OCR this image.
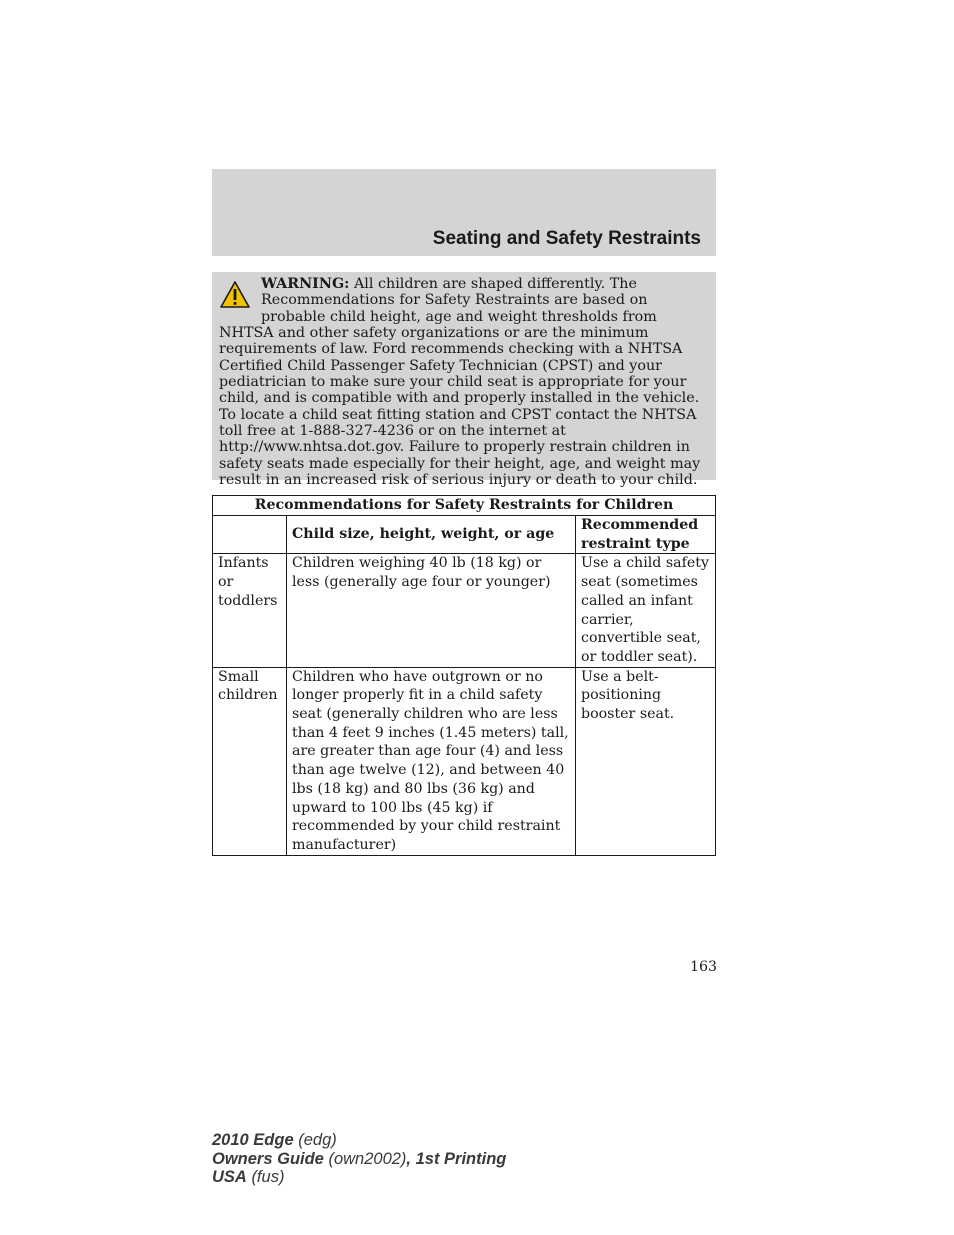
Seating and Safety Restraints
WARNING: All children are shaped differently. The Recommendations for Safety Restraints are based on probable child height, age and weight thresholds from NHTSA and other safety organizations or are the minimum requirements of law. Ford recommends checking with a NHTSA Certified Child Passenger Safety Technician (CPST) and your pediatrician to make sure your child seat is appropriate for your child, and is compatible with and properly installed in the vehicle. To locate a child seat fitting station and CPST contact the NHTSA toll free at 1-888-327-4236 or on the internet at http://www.nhtsa.dot.gov. Failure to properly restrain children in safety seats made especially for their height, age, and weight may result in an increased risk of serious injury or death to your child.
Recommendations for Safety Restraints for Children		
	Child size, height, weight, or age	Recommended restraint type
Infants or toddlers	Children weighing 40 lb (18 kg) or less (generally age four or younger)	Use a child safety seat (sometimes called an infant carrier, convertible seat, or toddler seat).
Small children	Children who have outgrown or no longer properly fit in a child safety seat (generally children who are less than 4 feet 9 inches (1.45 meters) tall, are greater than age four (4) and less than age twelve (12), and between 40 lbs (18 kg) and 80 lbs (36 kg) and upward to 100 lbs (45 kg) if recommended by your child restraint manufacturer)	Use a belt-positioning booster seat.
163
2010 Edge (edg)
Owners Guide (own2002), 1st Printing
USA (fus)
